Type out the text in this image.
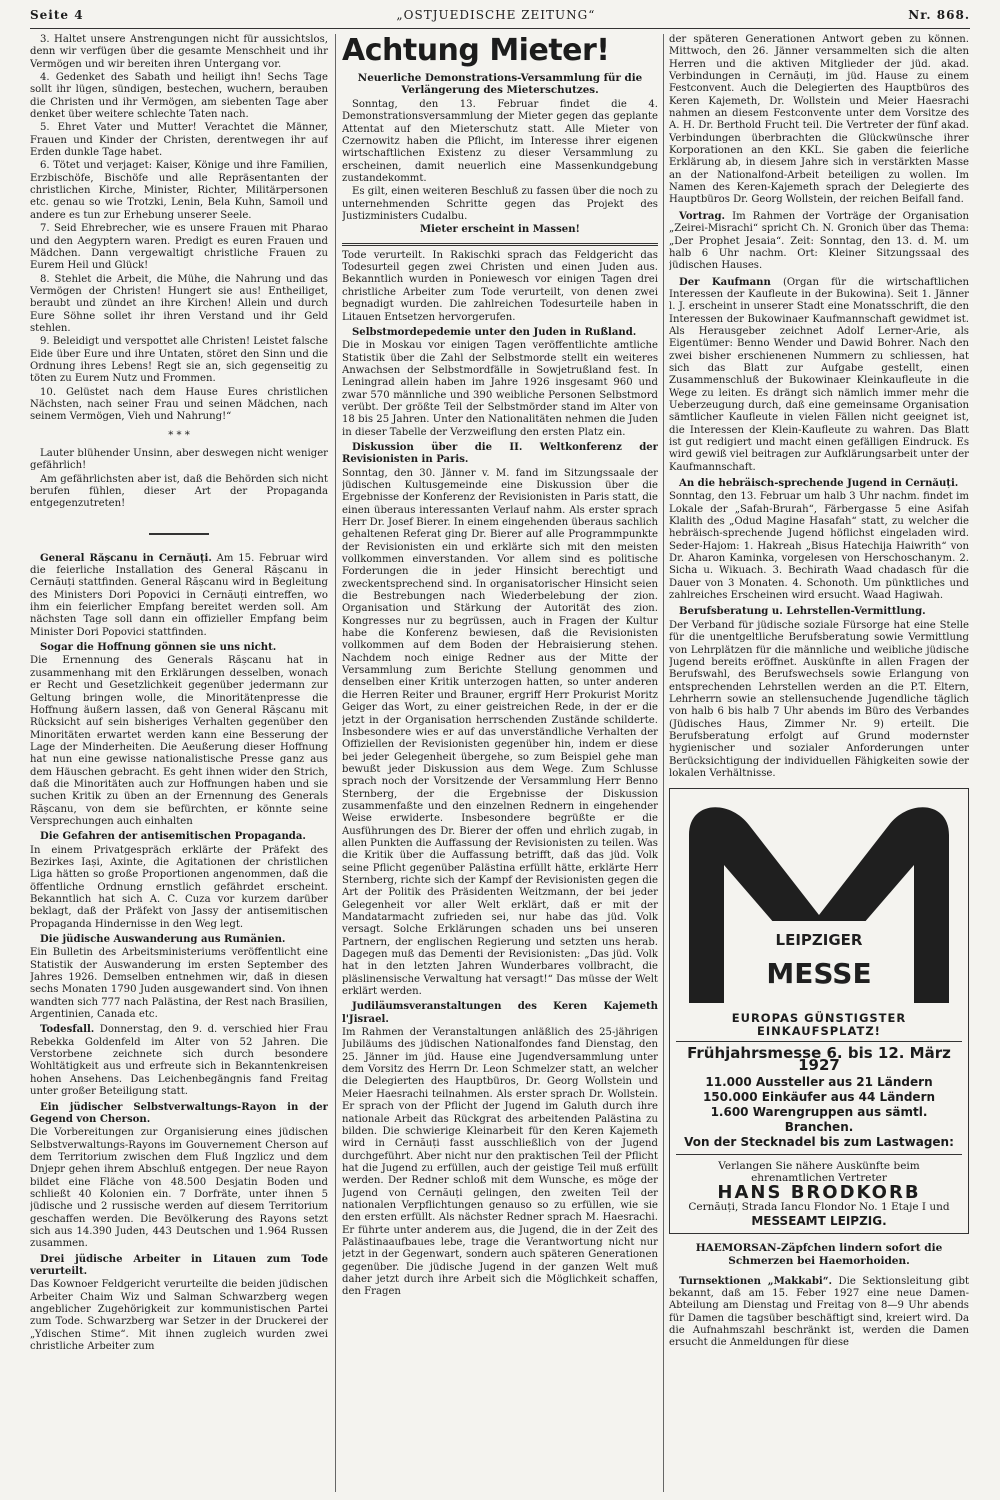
Seite 4	„OSTJUEDISCHE ZEITUNG“	Nr. 868.

3. Haltet unsere Anstrengungen nicht für aussichtslos, denn wir verfügen über die gesamte Menschheit und ihr Vermögen und wir bereiten ihren Untergang vor.

4. Gedenket des Sabath und heiligt ihn! Sechs Tage sollt ihr lügen, sündigen, bestechen, wuchern, berauben die Christen und ihr Vermögen, am siebenten Tage aber denket über weitere schlechte Taten nach.

5. Ehret Vater und Mutter! Verachtet die Männer, Frauen und Kinder der Christen, derentwegen ihr auf Erden dunkle Tage habet.

6. Tötet und verjaget: Kaiser, Könige und ihre Familien, Erzbischöfe, Bischöfe und alle Repräsentanten der christlichen Kirche, Minister, Richter, Militärpersonen etc. genau so wie Trotzki, Lenin, Bela Kuhn, Samoil und andere es tun zur Erhebung unserer Seele.

7. Seid Ehrebrecher, wie es unsere Frauen mit Pharao und den Aegyptern waren. Predigt es euren Frauen und Mädchen. Dann vergewaltigt christliche Frauen zu Eurem Heil und Glück!

8. Stehlet die Arbeit, die Mühe, die Nahrung und das Vermögen der Christen! Hungert sie aus! Entheiliget, beraubt und zündet an ihre Kirchen! Allein und durch Eure Söhne sollet ihr ihren Verstand und ihr Geld stehlen.

9. Beleidigt und verspottet alle Christen! Leistet falsche Eide über Eure und ihre Untaten, störet den Sinn und die Ordnung ihres Lebens! Regt sie an, sich gegenseitig zu töten zu Eurem Nutz und Frommen.

10. Gelüstet nach dem Hause Eures christlichen Nächsten, nach seiner Frau und seinen Mädchen, nach seinem Vermögen, Vieh und Nahrung!“

* * *

Lauter blühender Unsinn, aber deswegen nicht weniger gefährlich!

Am gefährlichsten aber ist, daß die Behörden sich nicht berufen fühlen, dieser Art der Propaganda entgegenzutreten!

General Rășcanu in Cernăuți. Am 15. Februar wird die feierliche Installation des General Rășcanu in Cernăuți stattfinden. General Rășcanu wird in Begleitung des Ministers Dori Popovici in Cernăuți eintreffen, wo ihm ein feierlicher Empfang bereitet werden soll. Am nächsten Tage soll dann ein offizieller Empfang beim Minister Dori Popovici stattfinden.

Sogar die Hoffnung gönnen sie uns nicht.

Die Ernennung des Generals Rășcanu hat in zusammenhang mit den Erklärungen desselben, wonach er Recht und Gesetzlichkeit gegenüber jedermann zur Geltung bringen wolle, die Minoritätenpresse die Hoffnung äußern lassen, daß von General Rășcanu mit Rücksicht auf sein bisheriges Verhalten gegenüber den Minoritäten erwartet werden kann eine Besserung der Lage der Minderheiten. Die Aeußerung dieser Hoffnung hat nun eine gewisse nationalistische Presse ganz aus dem Häuschen gebracht. Es geht ihnen wider den Strich, daß die Minoritäten auch zur Hoffnungen haben und sie suchen Kritik zu üben an der Ernennung des Generals Rășcanu, von dem sie befürchten, er könnte seine Versprechungen auch einhalten

Die Gefahren der antisemitischen Propaganda.

In einem Privatgespräch erklärte der Präfekt des Bezirkes Iași, Axinte, die Agitationen der christlichen Liga hätten so große Proportionen angenommen, daß die öffentliche Ordnung ernstlich gefährdet erscheint. Bekanntlich hat sich A. C. Cuza vor kurzem darüber beklagt, daß der Präfekt von Jassy der antisemitischen Propaganda Hindernisse in den Weg legt.

Die jüdische Auswanderung aus Rumänien.

Ein Bulletin des Arbeitsministeriums veröffentlicht eine Statistik der Auswanderung im ersten September des Jahres 1926. Demselben entnehmen wir, daß in diesen sechs Monaten 1790 Juden ausgewandert sind. Von ihnen wandten sich 777 nach Palästina, der Rest nach Brasilien, Argentinien, Canada etc.

Todesfall. Donnerstag, den 9. d. verschied hier Frau Rebekka Goldenfeld im Alter von 52 Jahren. Die Verstorbene zeichnete sich durch besondere Wohltätigkeit aus und erfreute sich in Bekanntenkreisen hohen Ansehens. Das Leichenbegängnis fand Freitag unter großer Beteiligung statt.

Ein jüdischer Selbstverwaltungs-Rayon in der Gegend von Cherson.

Die Vorbereitungen zur Organisierung eines jüdischen Selbstverwaltungs-Rayons im Gouvernement Cherson auf dem Territorium zwischen dem Fluß Ingzlicz und dem Dnjepr gehen ihrem Abschluß entgegen. Der neue Rayon bildet eine Fläche von 48.500 Desjatin Boden und schließt 40 Kolonien ein. 7 Dorfräte, unter ihnen 5 jüdische und 2 russische werden auf diesem Territorium geschaffen werden. Die Bevölkerung des Rayons setzt sich aus 14.390 Juden, 443 Deutschen und 1.964 Russen zusammen.

Drei jüdische Arbeiter in Litauen zum Tode verurteilt.

Das Kownoer Feldgericht verurteilte die beiden jüdischen Arbeiter Chaim Wiz und Salman Schwarzberg wegen angeblicher Zugehörigkeit zur kommunistischen Partei zum Tode. Schwarzberg war Setzer in der Druckerei der „Ydischen Stime“. Mit ihnen zugleich wurden zwei christliche Arbeiter zum

Achtung Mieter!
Neuerliche Demonstrations-Versammlung für die Verlängerung des Mieterschutzes.

Sonntag, den 13. Februar findet die 4. Demonstrationsversammlung der Mieter gegen das geplante Attentat auf den Mieterschutz statt. Alle Mieter von Czernowitz haben die Pflicht, im Interesse ihrer eigenen wirtschaftlichen Existenz zu dieser Versammlung zu erscheinen, damit neuerlich eine Massenkundgebung zustandekommt.

Es gilt, einen weiteren Beschluß zu fassen über die noch zu unternehmenden Schritte gegen das Projekt des Justizministers Cudalbu.

Mieter erscheint in Massen!

Tode verurteilt. In Rakischki sprach das Feldgericht das Todesurteil gegen zwei Christen und einen Juden aus. Bekanntlich wurden in Poniewesch vor einigen Tagen drei christliche Arbeiter zum Tode verurteilt, von denen zwei begnadigt wurden. Die zahlreichen Todesurteile haben in Litauen Entsetzen hervorgerufen.

Selbstmordepedemie unter den Juden in Rußland.

Die in Moskau vor einigen Tagen veröffentlichte amtliche Statistik über die Zahl der Selbstmorde stellt ein weiteres Anwachsen der Selbstmordfälle in Sowjetrußland fest. In Leningrad allein haben im Jahre 1926 insgesamt 960 und zwar 570 männliche und 390 weibliche Personen Selbstmord verübt. Der größte Teil der Selbstmörder stand im Alter von 18 bis 25 Jahren. Unter den Nationalitäten nehmen die Juden in dieser Tabelle der Verzweiflung den ersten Platz ein.

Diskussion über die II. Weltkonferenz der Revisionisten in Paris.

Sonntag, den 30. Jänner v. M. fand im Sitzungssaale der jüdischen Kultusgemeinde eine Diskussion über die Ergebnisse der Konferenz der Revisionisten in Paris statt, die einen überaus interessanten Verlauf nahm. Als erster sprach Herr Dr. Josef Bierer. In einem eingehenden überaus sachlich gehaltenen Referat ging Dr. Bierer auf alle Programmpunkte der Revisionisten ein und erklärte sich mit den meisten vollkommen einverstanden. Vor allem sind es politische Forderungen die in jeder Hinsicht berechtigt und zweckentsprechend sind. In organisatorischer Hinsicht seien die Bestrebungen nach Wiederbelebung der zion. Organisation und Stärkung der Autorität des zion. Kongresses nur zu begrüssen, auch in Fragen der Kultur habe die Konferenz bewiesen, daß die Revisionisten vollkommen auf dem Boden der Hebraisierung stehen. Nachdem noch einige Redner aus der Mitte der Versammlung zum Berichte Stellung genommen und denselben einer Kritik unterzogen hatten, so unter anderen die Herren Reiter und Brauner, ergriff Herr Prokurist Moritz Geiger das Wort, zu einer geistreichen Rede, in der er die jetzt in der Organisation herrschenden Zustände schilderte. Insbesondere wies er auf das unverständliche Verhalten der Offiziellen der Revisionisten gegenüber hin, indem er diese bei jeder Gelegenheit übergehe, so zum Beispiel gehe man bewußt jeder Diskussion aus dem Wege. Zum Schlusse sprach noch der Vorsitzende der Versammlung Herr Benno Sternberg, der die Ergebnisse der Diskussion zusammenfaßte und den einzelnen Rednern in eingehender Weise erwiderte. Insbesondere begrüßte er die Ausführungen des Dr. Bierer der offen und ehrlich zugab, in allen Punkten die Auffassung der Revisionisten zu teilen. Was die Kritik über die Auffassung betrifft, daß das jüd. Volk seine Pflicht gegenüber Palästina erfüllt hätte, erklärte Herr Sternberg, richte sich der Kampf der Revisionisten gegen die Art der Politik des Präsidenten Weitzmann, der bei jeder Gelegenheit vor aller Welt erklärt, daß er mit der Mandatarmacht zufrieden sei, nur habe das jüd. Volk versagt. Solche Erklärungen schaden uns bei unseren Partnern, der englischen Regierung und setzten uns herab. Dagegen muß das Dementi der Revisionisten: „Das jüd. Volk hat in den letzten Jahren Wunderbares vollbracht, die pläslinensische Verwaltung hat versagt!“ Das müsse der Welt erklärt werden.

Judiläumsveranstaltungen des Keren Kajemeth l'Jisrael.

Im Rahmen der Veranstaltungen anläßlich des 25-jährigen Jubiläums des jüdischen Nationalfondes fand Dienstag, den 25. Jänner im jüd. Hause eine Jugendversammlung unter dem Vorsitz des Herrn Dr. Leon Schmelzer statt, an welcher die Delegierten des Hauptbüros, Dr. Georg Wollstein und Meier Haesrachi teilnahmen. Als erster sprach Dr. Wollstein. Er sprach von der Pflicht der Jugend im Galuth durch ihre nationale Arbeit das Rückgrat des arbeitenden Palästina zu bilden. Die schwierige Kleinarbeit für den Keren Kajemeth wird in Cernăuți fasst ausschließlich von der Jugend durchgeführt. Aber nicht nur den praktischen Teil der Pflicht hat die Jugend zu erfüllen, auch der geistige Teil muß erfüllt werden. Der Redner schloß mit dem Wunsche, es möge der Jugend von Cernăuți gelingen, den zweiten Teil der nationalen Verpflichtungen genauso so zu erfüllen, wie sie den ersten erfüllt. Als nächster Redner sprach M. Haesrachi. Er führte unter anderem aus, die Jugend, die in der Zeit des Palästinaaufbaues lebe, trage die Verantwortung nicht nur jetzt in der Gegenwart, sondern auch späteren Generationen gegenüber. Die jüdische Jugend in der ganzen Welt muß daher jetzt durch ihre Arbeit sich die Möglichkeit schaffen, den Fragen

der späteren Generationen Antwort geben zu können. Mittwoch, den 26. Jänner versammelten sich die alten Herren und die aktiven Mitglieder der jüd. akad. Verbindungen in Cernăuți, im jüd. Hause zu einem Festconvent. Auch die Delegierten des Hauptbüros des Keren Kajemeth, Dr. Wollstein und Meier Haesrachi nahmen an diesem Festconvente unter dem Vorsitze des A. H. Dr. Berthold Frucht teil. Die Vertreter der fünf akad. Verbindungen überbrachten die Glückwünsche ihrer Korporationen an den KKL. Sie gaben die feierliche Erklärung ab, in diesem Jahre sich in verstärkten Masse an der Nationalfond-Arbeit beteiligen zu wollen. Im Namen des Keren-Kajemeth sprach der Delegierte des Hauptbüros Dr. Georg Wollstein, der reichen Beifall fand.

Vortrag. Im Rahmen der Vorträge der Organisation „Zeirei-Misrachi“ spricht Ch. N. Gronich über das Thema: „Der Prophet Jesaia“. Zeit: Sonntag, den 13. d. M. um halb 6 Uhr nachm. Ort: Kleiner Sitzungssaal des jüdischen Hauses.

Der Kaufmann (Organ für die wirtschaftlichen Interessen der Kaufleute in der Bukowina). Seit 1. Jänner l. J. erscheint in unserer Stadt eine Monatsschrift, die den Interessen der Bukowinaer Kaufmannschaft gewidmet ist. Als Herausgeber zeichnet Adolf Lerner-Arie, als Eigentümer: Benno Wender und Dawid Bohrer. Nach den zwei bisher erschienenen Nummern zu schliessen, hat sich das Blatt zur Aufgabe gestellt, einen Zusammenschluß der Bukowinaer Kleinkaufleute in die Wege zu leiten. Es drängt sich nämlich immer mehr die Ueberzeugung durch, daß eine gemeinsame Organisation sämtlicher Kaufleute in vielen Fällen nicht geeignet ist, die Interessen der Klein-Kaufleute zu wahren. Das Blatt ist gut redigiert und macht einen gefälligen Eindruck. Es wird gewiß viel beitragen zur Aufklärungsarbeit unter der Kaufmannschaft.

An die hebräisch-sprechende Jugend in Cernăuți.

Sonntag, den 13. Februar um halb 3 Uhr nachm. findet im Lokale der „Safah-Brurah“, Färbergasse 5 eine Asifah Klalith des „Odud Magine Hasafah“ statt, zu welcher die hebräisch-sprechende Jugend höflichst eingeladen wird. Seder-Hajom: 1. Hakreah „Bisus Hatechija Haiwrith“ von Dr. Aharon Kaminka, vorgelesen von Herschoschanym. 2. Sicha u. Wikuach. 3. Bechirath Waad chadasch für die Dauer von 3 Monaten. 4. Schonoth. Um pünktliches und zahlreiches Erscheinen wird ersucht. Waad Hagiwah.

Berufsberatung u. Lehrstellen-Vermittlung.

Der Verband für jüdische soziale Fürsorge hat eine Stelle für die unentgeltliche Berufsberatung sowie Vermittlung von Lehrplätzen für die männliche und weibliche jüdische Jugend bereits eröffnet. Auskünfte in allen Fragen der Berufswahl, des Berufswechsels sowie Erlangung von entsprechenden Lehrstellen werden an die P.T. Eltern, Lehrherrn sowie an stellensuchende Jugendliche täglich von halb 6 bis halb 7 Uhr abends im Büro des Verbandes (Jüdisches Haus, Zimmer Nr. 9) erteilt. Die Berufsberatung erfolgt auf Grund modernster hygienischer und sozialer Anforderungen unter Berücksichtigung der individuellen Fähigkeiten sowie der lokalen Verhältnisse.

LEIPZIGER
MESSE
EUROPAS GÜNSTIGSTER EINKAUFSPLATZ!
Frühjahrsmesse 6. bis 12. März 1927
11.000 Aussteller aus 21 Ländern
150.000 Einkäufer aus 44 Ländern
1.600 Warengruppen aus sämtl. Branchen.
Von der Stecknadel bis zum Lastwagen:
Verlangen Sie nähere Auskünfte beim ehrenamtlichen Vertreter
HANS BRODKORB
Cernăuți, Strada Iancu Flondor No. 1 Etaje I und
MESSEAMT LEIPZIG.
HAEMORSAN-Zäpfchen lindern sofort die Schmerzen bei Haemorhoiden.

Turnsektionen „Makkabi“. Die Sektionsleitung gibt bekannt, daß am 15. Feber 1927 eine neue Damen-Abteilung am Dienstag und Freitag von 8—9 Uhr abends für Damen die tagsüber beschäftigt sind, kreiert wird. Da die Aufnahmszahl beschränkt ist, werden die Damen ersucht die Anmeldungen für diese
